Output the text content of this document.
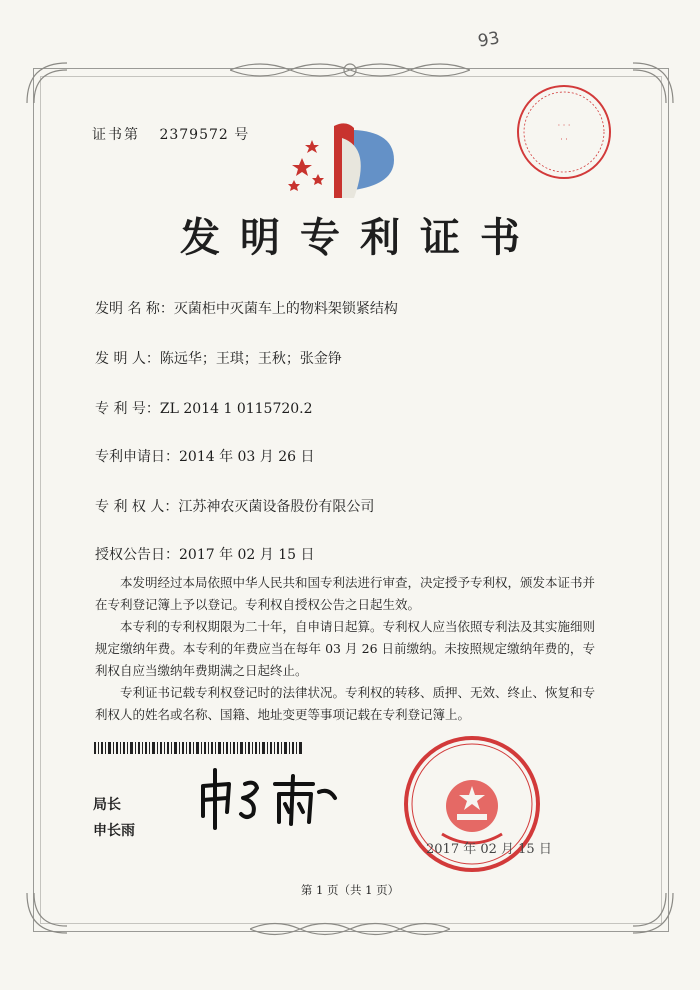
93
· · ·
· ·
证书第 2379572 号
发明专利证书
发明 名 称：灭菌柜中灭菌车上的物料架锁紧结构
发 明 人：陈远华；王琪；王秋；张金铮
专 利 号：ZL 2014 1 0115720.2
专利申请日：2014 年 03 月 26 日
专 利 权 人：江苏神农灭菌设备股份有限公司
授权公告日：2017 年 02 月 15 日

本发明经过本局依照中华人民共和国专利法进行审查，决定授予专利权，颁发本证书并在专利登记簿上予以登记。专利权自授权公告之日起生效。

本专利的专利权期限为二十年，自申请日起算。专利权人应当依照专利法及其实施细则规定缴纳年费。本专利的年费应当在每年 03 月 26 日前缴纳。未按照规定缴纳年费的，专利权自应当缴纳年费期满之日起终止。

专利证书记载专利权登记时的法律状况。专利权的转移、质押、无效、终止、恢复和专利权人的姓名或名称、国籍、地址变更等事项记载在专利登记簿上。

局长
申长雨
2017 年 02 月 15 日
第 1 页（共 1 页）
